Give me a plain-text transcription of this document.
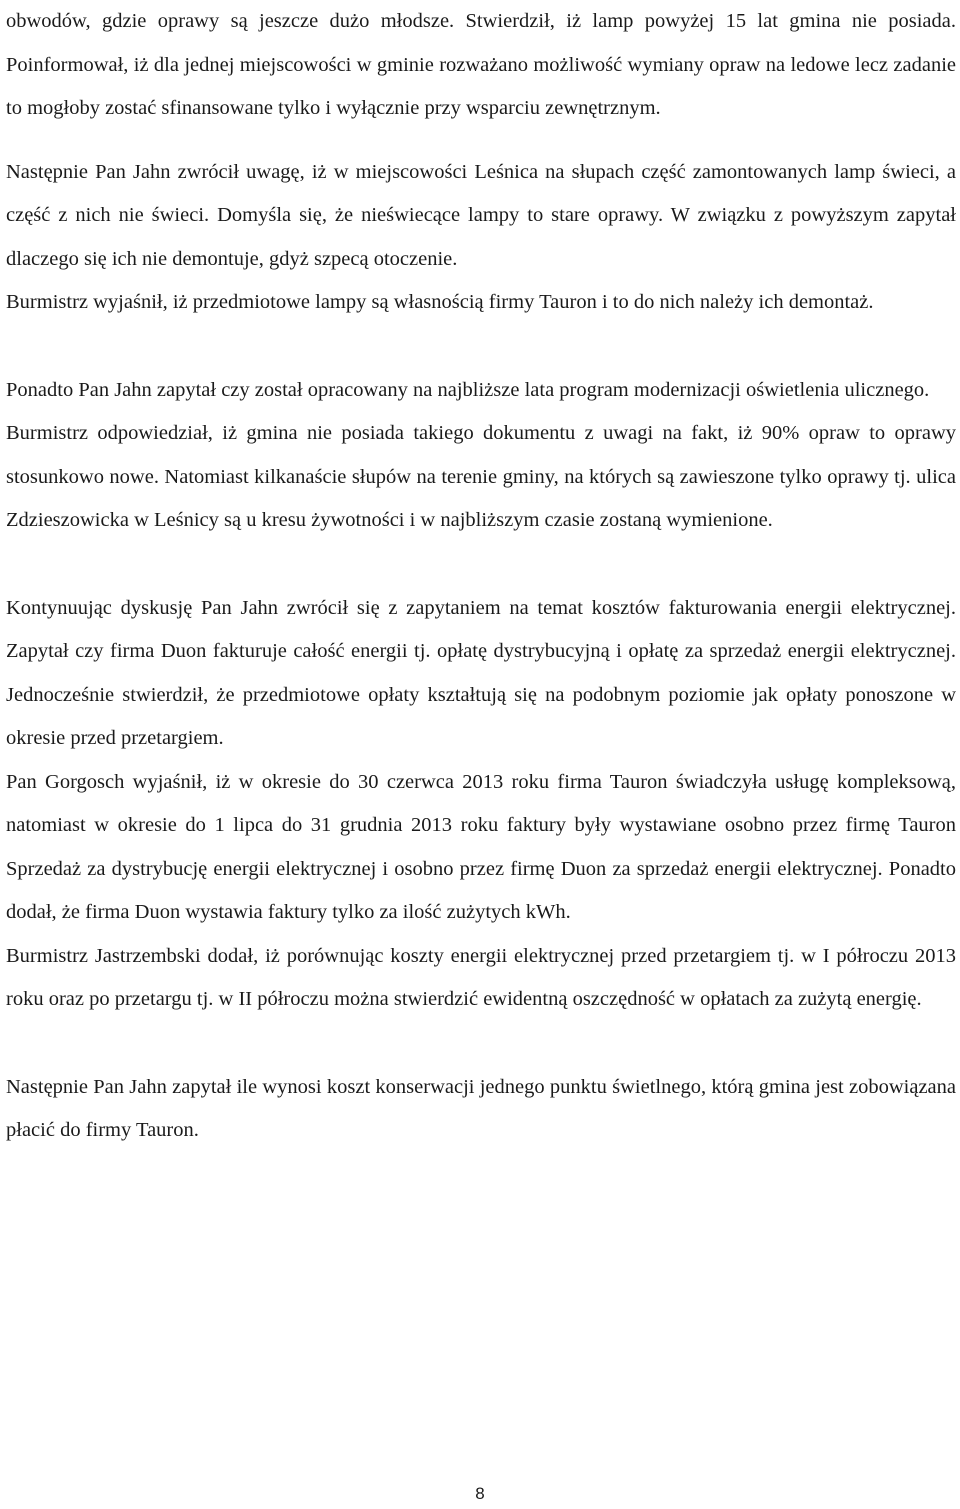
obwodów, gdzie oprawy są jeszcze dużo młodsze. Stwierdził, iż lamp powyżej 15 lat gmina nie posiada. Poinformował, iż dla jednej miejscowości w gminie rozważano możliwość wymiany opraw na ledowe lecz zadanie to mogłoby zostać sfinansowane tylko i wyłącznie przy wsparciu zewnętrznym.

Następnie Pan Jahn zwrócił uwagę, iż w miejscowości Leśnica na słupach część zamontowanych lamp świeci, a część z nich nie świeci. Domyśla się, że nieświecące lampy to stare oprawy. W związku z powyższym zapytał dlaczego się ich nie demontuje, gdyż szpecą otoczenie.

Burmistrz wyjaśnił, iż przedmiotowe lampy są własnością firmy Tauron i to do nich należy ich demontaż.

Ponadto Pan Jahn zapytał czy został opracowany na najbliższe lata program modernizacji oświetlenia ulicznego.

Burmistrz odpowiedział, iż gmina nie posiada takiego dokumentu z uwagi na fakt, iż 90% opraw to oprawy stosunkowo nowe. Natomiast kilkanaście słupów na terenie gminy, na których są zawieszone tylko oprawy tj. ulica Zdzieszowicka w Leśnicy są u kresu żywotności i w najbliższym czasie zostaną wymienione.

Kontynuując dyskusję Pan Jahn zwrócił się z zapytaniem na temat kosztów fakturowania energii elektrycznej. Zapytał czy firma Duon fakturuje całość energii tj. opłatę dystrybucyjną i opłatę za sprzedaż energii elektrycznej. Jednocześnie stwierdził, że przedmiotowe opłaty kształtują się na podobnym poziomie jak opłaty ponoszone w okresie przed przetargiem.

Pan Gorgosch wyjaśnił, iż w okresie do 30 czerwca 2013 roku firma Tauron świadczyła usługę kompleksową, natomiast w okresie do 1 lipca do 31 grudnia 2013 roku faktury były wystawiane osobno przez firmę Tauron Sprzedaż za dystrybucję energii elektrycznej i osobno przez firmę Duon za sprzedaż energii elektrycznej. Ponadto dodał, że firma Duon wystawia faktury tylko za ilość zużytych kWh.

Burmistrz Jastrzembski dodał, iż porównując koszty energii elektrycznej przed przetargiem tj. w I półroczu 2013 roku oraz po przetargu tj. w II półroczu można stwierdzić ewidentną oszczędność w opłatach za zużytą energię.

Następnie Pan Jahn zapytał ile wynosi koszt konserwacji jednego punktu świetlnego, którą gmina jest zobowiązana płacić do firmy Tauron.

8
